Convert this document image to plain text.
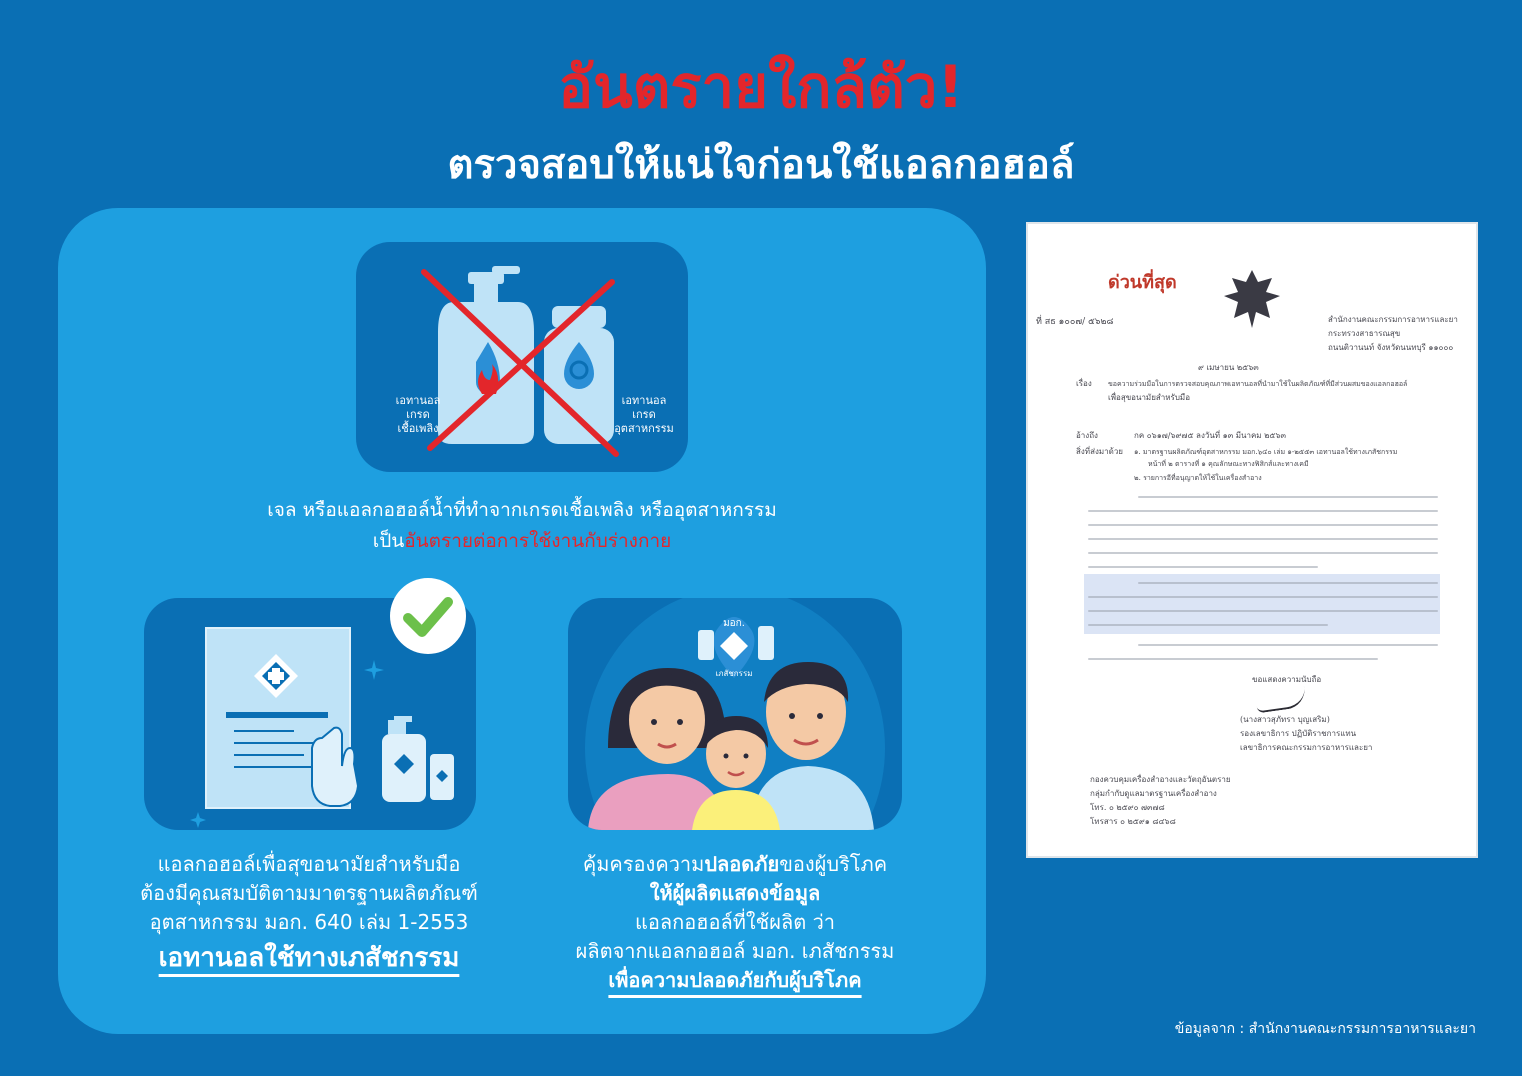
อันตรายใกล้ตัว!
ตรวจสอบให้แน่ใจก่อนใช้แอลกอฮอล์
เอทานอล
เกรด
เชื้อเพลิง
เอทานอล
เกรด
อุตสาหกรรม
เจล หรือแอลกอฮอล์น้ำที่ทำจากเกรดเชื้อเพลิง หรืออุตสาหกรรม
เป็นอันตรายต่อการใช้งานกับร่างกาย
แอลกอฮอล์เพื่อสุขอนามัยสำหรับมือ
ต้องมีคุณสมบัติตามมาตรฐานผลิตภัณฑ์
อุตสาหกรรม มอก. 640 เล่ม 1-2553
เอทานอลใช้ทางเภสัชกรรม
มอก.
เภสัชกรรม
คุ้มครองความปลอดภัยของผู้บริโภค
ให้ผู้ผลิตแสดงข้อมูล
แอลกอฮอล์ที่ใช้ผลิต ว่า
ผลิตจากแอลกอฮอล์ มอก. เภสัชกรรม
เพื่อความปลอดภัยกับผู้บริโภค
ด่วนที่สุด
ที่ สธ ๑๐๐๗/ ๕๖๒๘	สำนักงานคณะกรรมการอาหารและยา
กระทรวงสาธารณสุข
ถนนติวานนท์ จังหวัดนนทบุรี ๑๑๐๐๐
๙ เมษายน ๒๕๖๓
เรื่อง ขอความร่วมมือในการตรวจสอบคุณภาพเอทานอลที่นำมาใช้ในผลิตภัณฑ์ที่มีส่วนผสมของแอลกอฮอล์
เพื่อสุขอนามัยสำหรับมือ
อ้างถึง	กค ๐๖๑๗/๖๙๗๕ ลงวันที่ ๑๓ มีนาคม ๒๕๖๓
สิ่งที่ส่งมาด้วย ๑. มาตรฐานผลิตภัณฑ์อุตสาหกรรม มอก.๖๔๐ เล่ม ๑-๒๕๕๓ เอทานอลใช้ทางเภสัชกรรม
หน้าที่ ๒ ตารางที่ ๑ คุณลักษณะทางฟิสิกส์และทางเคมี
๒. รายการอีที่อนุญาตให้ใช้ในเครื่องสำอาง
ขอแสดงความนับถือ
(นางสาวสุภัทรา บุญเสริม)
รองเลขาธิการ ปฏิบัติราชการแทน
เลขาธิการคณะกรรมการอาหารและยา
กองควบคุมเครื่องสำอางและวัตถุอันตราย
กลุ่มกำกับดูแลมาตรฐานเครื่องสำอาง
โทร. ๐ ๒๕๙๐ ๗๓๗๘
โทรสาร ๐ ๒๕๙๑ ๘๔๖๘
ข้อมูลจาก : สำนักงานคณะกรรมการอาหารและยา
